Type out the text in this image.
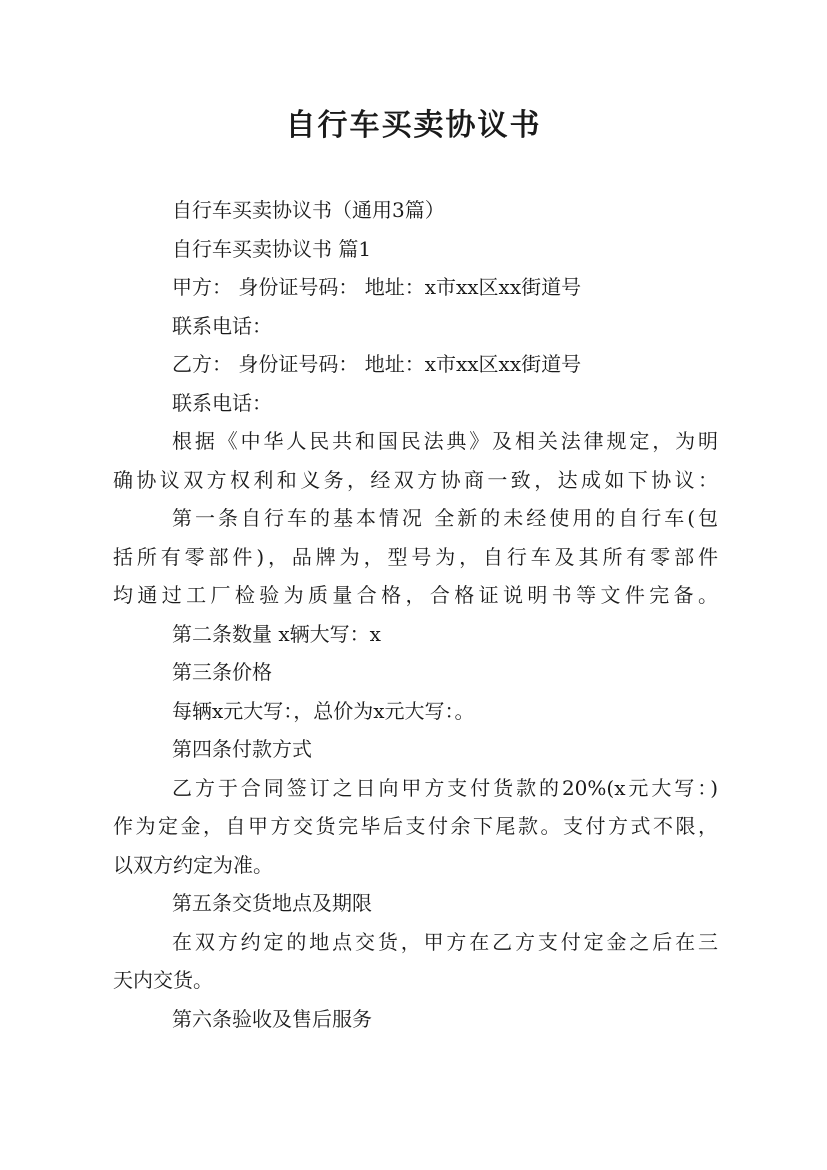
自行车买卖协议书

自行车买卖协议书（通用3篇）

自行车买卖协议书 篇1

甲方： 身份证号码： 地址：x市xx区xx街道号

联系电话：

乙方： 身份证号码： 地址：x市xx区xx街道号

联系电话：

根据《中华人民共和国民法典》及相关法律规定，为明
确协议双方权利和义务，经双方协商一致，达成如下协议：
第一条自行车的基本情况 全新的未经使用的自行车(包
括所有零部件)，品牌为，型号为，自行车及其所有零部件
均通过工厂检验为质量合格，合格证说明书等文件完备。

第二条数量 x辆大写：x

第三条价格

每辆x元大写：，总价为x元大写：。

第四条付款方式

乙方于合同签订之日向甲方支付货款的20%(x元大写：)
作为定金，自甲方交货完毕后支付余下尾款。支付方式不限，
以双方约定为准。

第五条交货地点及期限

在双方约定的地点交货，甲方在乙方支付定金之后在三
天内交货。

第六条验收及售后服务
